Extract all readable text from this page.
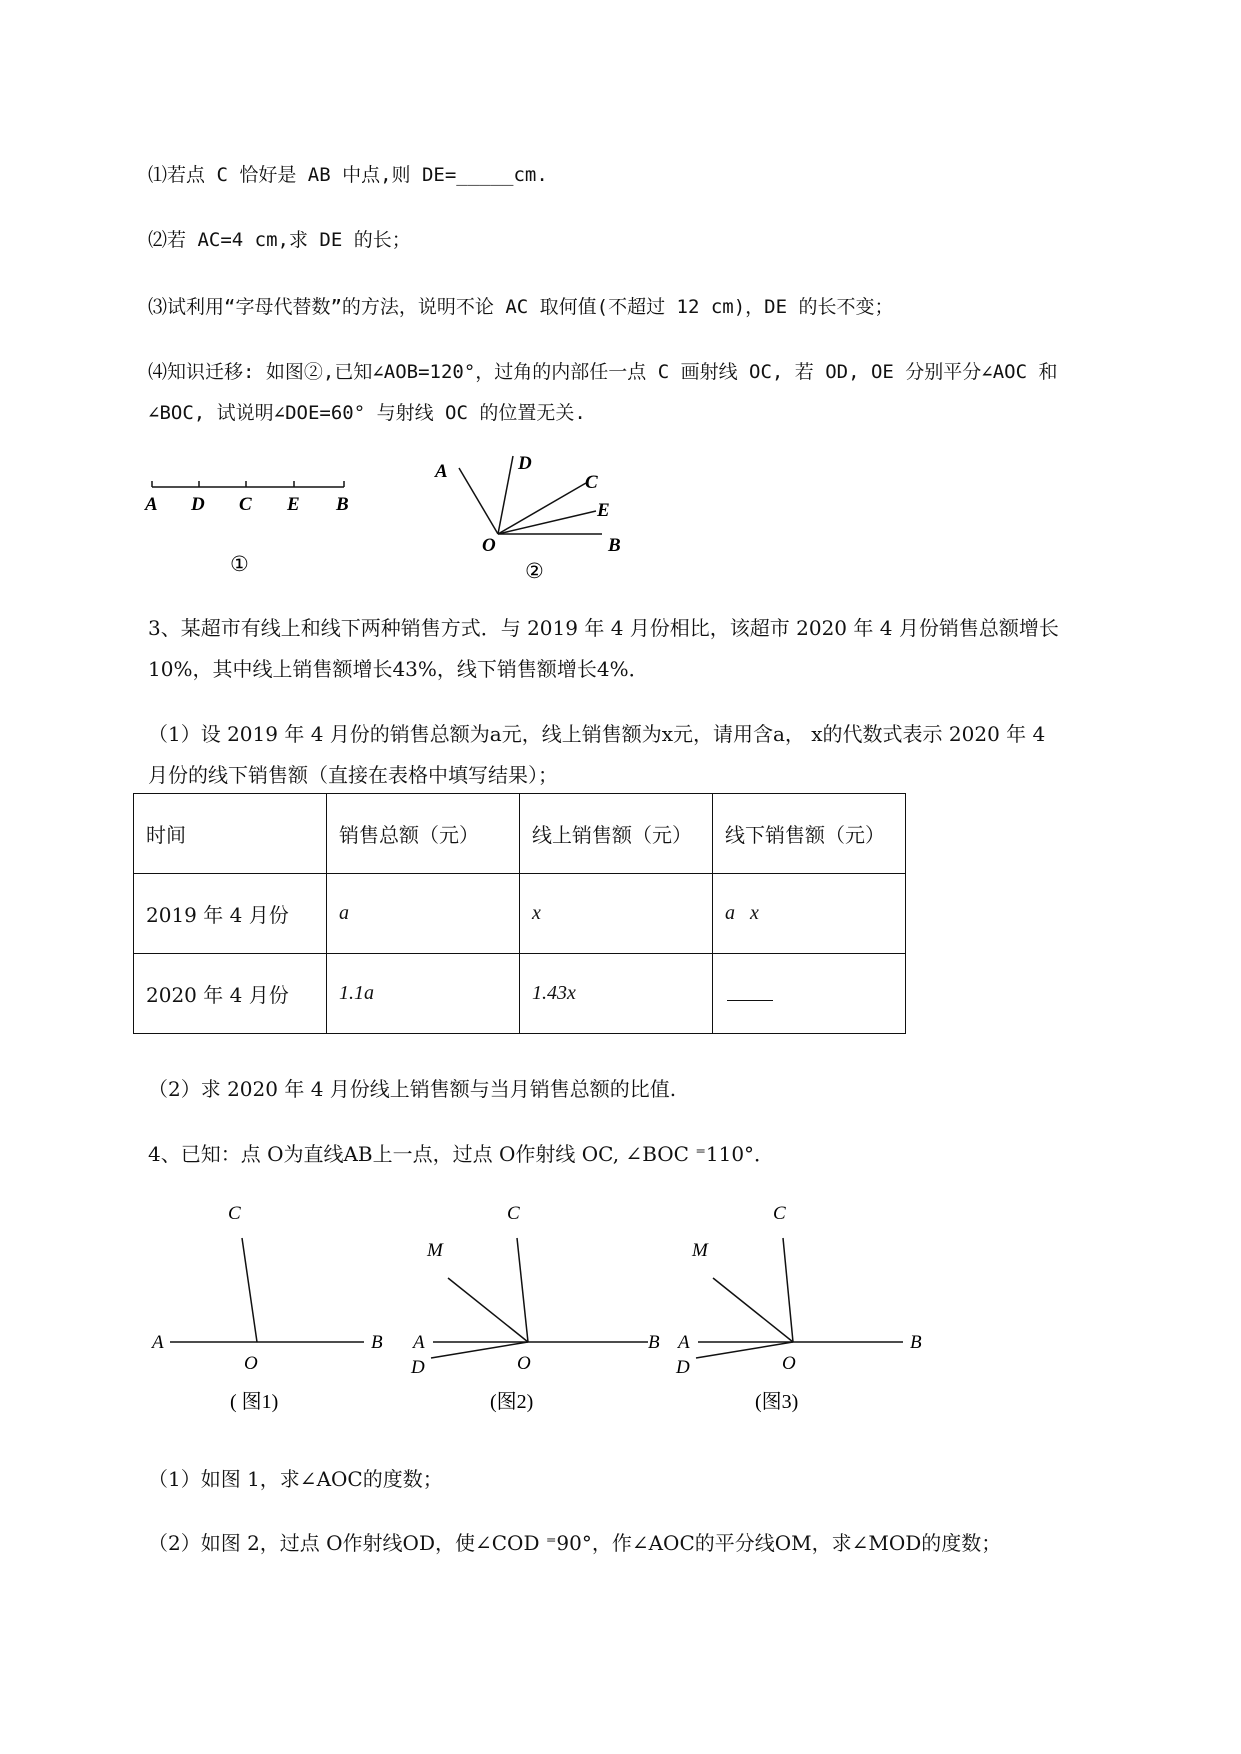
⑴若点 C 恰好是 AB 中点,则 DE=_____cm.
⑵若 AC=4 cm,求 DE 的长；
⑶试利用“字母代替数”的方法，说明不论 AC 取何值(不超过 12 cm)，DE 的长不变；
⑷知识迁移: 如图②,已知∠AOB=120°，过角的内部任一点 C 画射线 OC, 若 OD, OE 分别平分∠AOC 和
∠BOC, 试说明∠DOE=60° 与射线 OC 的位置无关.
A D C E B
①
A	D
C
E
O	B
②
3、某超市有线上和线下两种销售方式．与 2019 年 4 月份相比，该超市 2020 年 4 月份销售总额增长
10%，其中线上销售额增长43%，线下销售额增长4%．
（1）设 2019 年 4 月份的销售总额为a元，线上销售额为x元，请用含a， x的代数式表示 2020 年 4
月份的线下销售额（直接在表格中填写结果）；
时间	销售总额（元）	线上销售额（元）	线下销售额（元）
2019 年 4 月份	a	x	a   x
2020 年 4 月份	1.1a	1.43x	____
（2）求 2020 年 4 月份线上销售额与当月销售总额的比值.
4、已知：点 O为直线AB上一点，过点 O作射线 OC, ∠BOC ⁼110°．
C
A
O
B
( 图1)
C
M
A
D	O
B
(图2)
C
M
A
D	O
B
(图3)
（1）如图 1，求∠AOC的度数；
（2）如图 2，过点 O作射线OD，使∠COD ⁼90°，作∠AOC的平分线OM，求∠MOD的度数；
